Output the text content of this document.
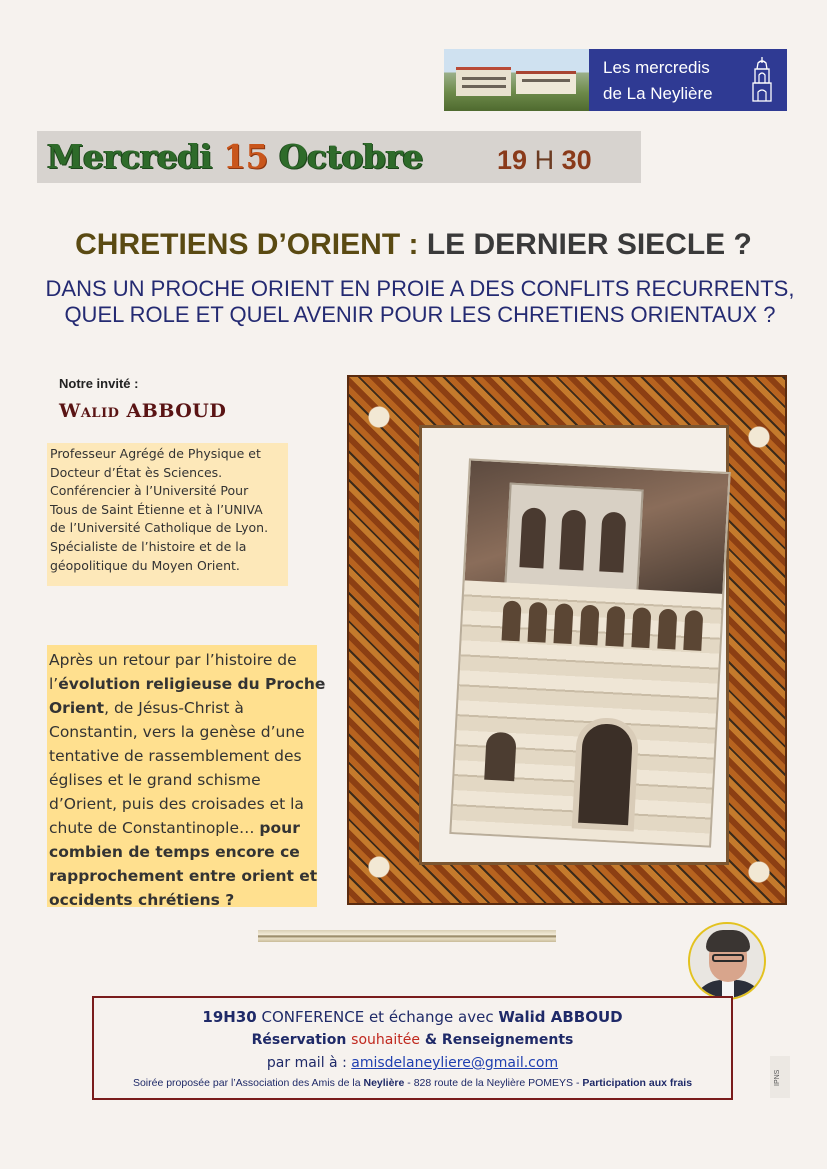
Les mercredis
de La Neylière
Mercredi 15 Octobre	19 H 30
CHRETIENS D’ORIENT : LE DERNIER SIECLE ?
DANS UN PROCHE ORIENT EN PROIE A DES CONFLITS RECURRENTS,
QUEL ROLE ET QUEL AVENIR POUR LES CHRETIENS ORIENTAUX ?
Notre invité :
Walid ABBOUD
Professeur Agrégé de Physique et
Docteur d’État ès Sciences.
Conférencier à l’Université Pour
Tous de Saint Étienne et à l’UNIVA
de l’Université Catholique de Lyon.
Spécialiste de l’histoire et de la
géopolitique du Moyen Orient.
Après un retour par l’histoire de
l’évolution religieuse du Proche
Orient, de Jésus-Christ à
Constantin, vers la genèse d’une
tentative de rassemblement des
églises et le grand schisme
d’Orient, puis des croisades et la
chute de Constantinople… pour
combien de temps encore ce
rapprochement entre orient et
occidents chrétiens ?
19H30 CONFERENCE et échange avec Walid ABBOUD
Réservation souhaitée & Renseignements
par mail à : amisdelaneyliere@gmail.com
Soirée proposée par l’Association des Amis de la Neylière - 828 route de la Neylière POMEYS - Participation aux frais	IPNS
